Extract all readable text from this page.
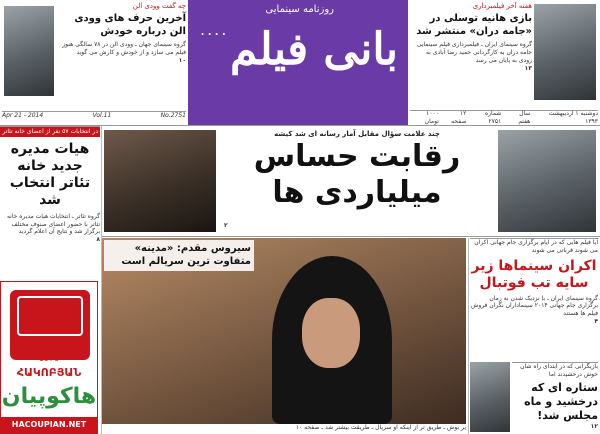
روزنامه سینمایی
.... بانی فیلم
دوشنبه ۱ اردیبهشت ۱۳۹۳
سال هفتم
شماره ۲۷۵۱
۱۲ صفحه
۱۰۰۰ تومان
Apr 21 - 2014	Vol.11	No.2751
هفته آخر فیلمبرداری
بازی هانیه توسلی در «جامه دران» منتشر شد
گروه سینمای ایران ـ فیلمبرداری فیلم سینمایی جامه دران به کارگردانی حمید رضا آبادی به زودی به پایان می رسد
۱۳
چه گفت وودی الن
آخرین حرف های وودی الن درباره خودش
گروه سینمای جهان ـ وودی الن در ۷۸ سالگی هنوز فیلم می سازد و از خودش و کارش می گوید
۱۰
چند علامت سؤال مقابل آمار رسانه ای شد کیشه
رقابت حساس
میلیاردی ها
۲
در انتخابات ۵۷ نفر از اعضای خانه تئاتر
هیات مدیره جدید خانه تئاتر انتخاب شد
گروه تئاتر ـ انتخابات هیات مدیره خانه تئاتر با حضور اعضای صنوف مختلف برگزار شد و نتایج آن اعلام گردید
۸
سیروس مقدم: «مدینه»
متفاوت ترین سریالم است
بر بوش ـ طریق تر از اینکه او سریال ـ طریقت بیشتر شد ـ صفحه ۱۰
آیا فیلم هایی که در ایام برگزاری جام جهانی اکران می شوند قربانی می شوند
اکران سینماها زیر سایه تب فوتبال
گروه سینمای ایران ـ با نزدیک شدن به زمان برگزاری جام جهانی ۲۰۱۴ سینماداران نگران فروش فیلم ها هستند
۴
بازیگرانی که در ابتدای راه شان خوش درخشیدند اما
ستاره ای که درخشید و ماه مجلس شد!
۱۲
1970
ՀԱԿՈԲՅԱՆ
هاکوپیان
HACOUPIAN.NET
